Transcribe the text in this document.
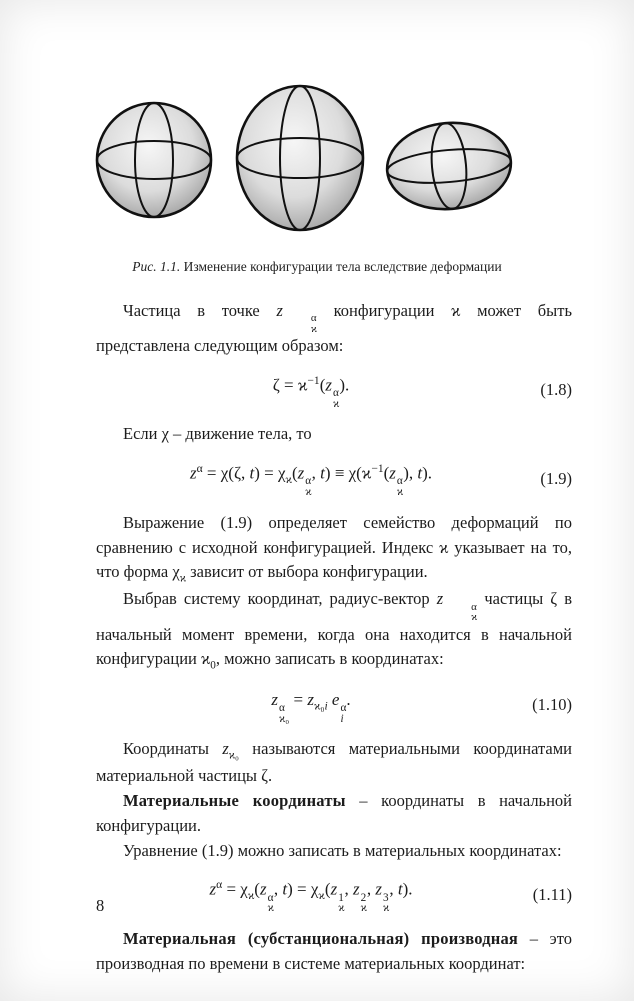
Рис. 1.1. Изменение конфигурации тела вследствие деформации

Частица в точке z	α
ϰ
конфигурации ϰ может быть представлена следующим образом:

$\zeta = ϰ^{-1}(z$ α
ϰ
).	(1.8)

Если χ – движение тела, то

$z^\alpha = \chi(\zeta$, $t) = \chi_ϰ(z$ α
ϰ
, $t) \equiv \chi(ϰ^{-1}(z$ α
ϰ
), t).	(1.9)

Выражение (1.9) определяет семейство деформаций по сравнению с исходной конфигурацией. Индекс ϰ указывает на то, что форма $\chi_ϰ$ зависит от выбора конфигурации.

Выбрав систему координат, радиус-вектор z	α
ϰ
частицы ζ в начальный момент времени, когда она находится в начальной конфигурации $ϰ_0$, можно записать в координатах:

z α
ϰ₀
= $z_{ϰ_0i}$ e α
i
.	(1.10)

Координаты $z_{ϰ_0}$ называются материальными координатами материальной частицы ζ.

Материальные координаты – координаты в начальной конфигурации.

Уравнение (1.9) можно записать в материальных координатах:

$z^\alpha = \chi_ϰ(z$ α
ϰ
, $t) = \chi_ϰ(z$ 1
ϰ
, z 2
ϰ
, z 3
ϰ
, t).	(1.11)

Материальная (субстанциональная) производная – это производная по времени в системе материальных координат:

8
